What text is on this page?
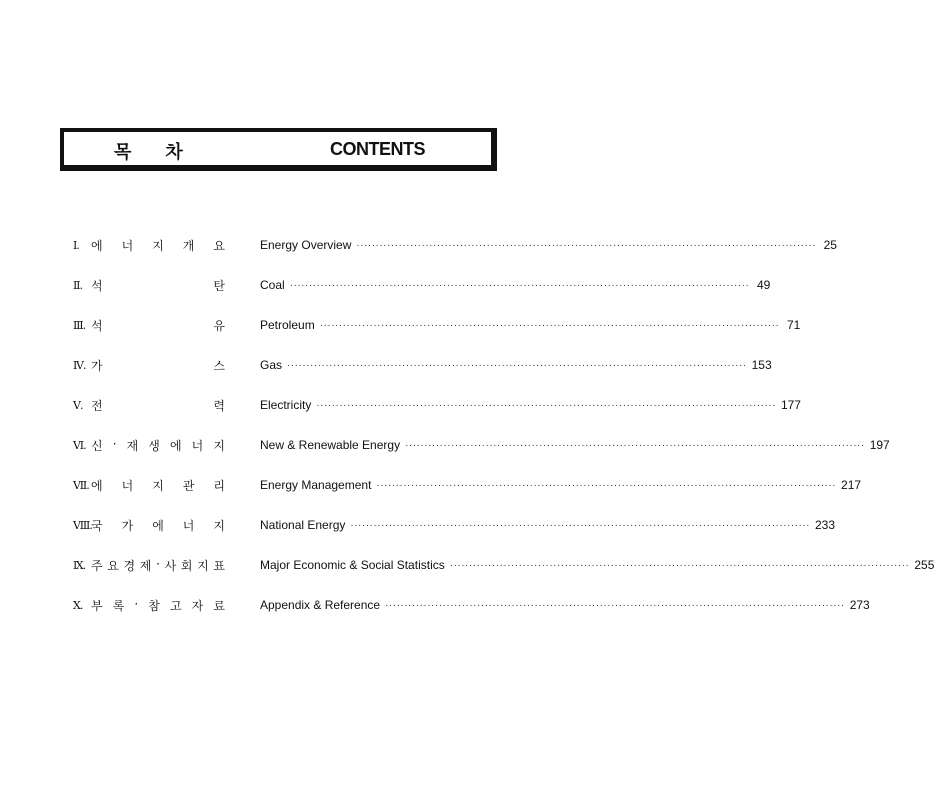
목차	CONTENTS
Ⅰ.	에 너 지 개 요	Energy Overview ························································································································ 25
Ⅱ. 석	탄	Coal ························································································································ 49
Ⅲ. 석	유	Petroleum ························································································································ 71
Ⅳ. 가	스	Gas ························································································································ 153
Ⅴ. 전	력	Electricity ························································································································ 177
Ⅵ. 신 · 재 생 에 너 지	New & Renewable Energy ························································································································ 197
Ⅶ. 에 너 지 관 리	Energy Management ························································································································ 217
Ⅷ. 국 가 에 너 지	National Energy ························································································································ 233
Ⅸ. 주 요 경 제 · 사 회 지 표	Major Economic & Social Statistics ························································································································ 255
Ⅹ. 부 록 · 참 고 자 료	Appendix & Reference ························································································································ 273
